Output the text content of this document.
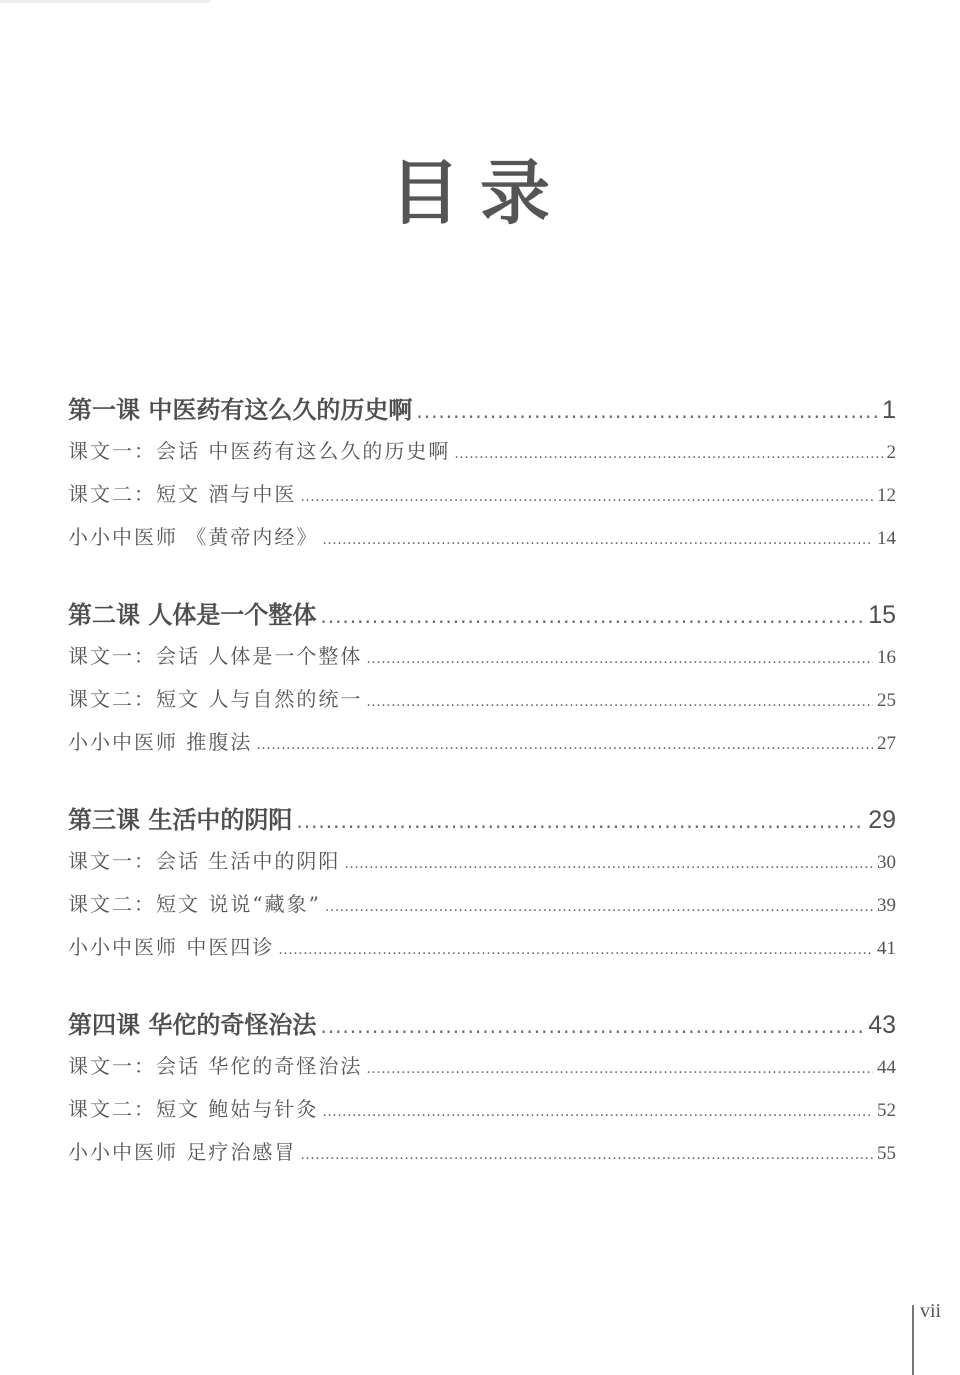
目录
第一课 中医药有这么久的历史啊 .....	1
课文一：会话 中医药有这么久的历史啊 .....	2
课文二：短文 酒与中医 .....	12
小小中医师 《黄帝内经》 .....	14
第二课 人体是一个整体 .....	15
课文一：会话 人体是一个整体 .....	16
课文二：短文 人与自然的统一 .....	25
小小中医师 推腹法 .....	27
第三课 生活中的阴阳 .....	29
课文一：会话 生活中的阴阳 .....	30
课文二：短文 说说“藏象” .....	39
小小中医师 中医四诊 .....	41
第四课 华佗的奇怪治法 .....	43
课文一：会话 华佗的奇怪治法 .....	44
课文二：短文 鲍姑与针灸 .....	52
小小中医师 足疗治感冒 .....	55
vii
